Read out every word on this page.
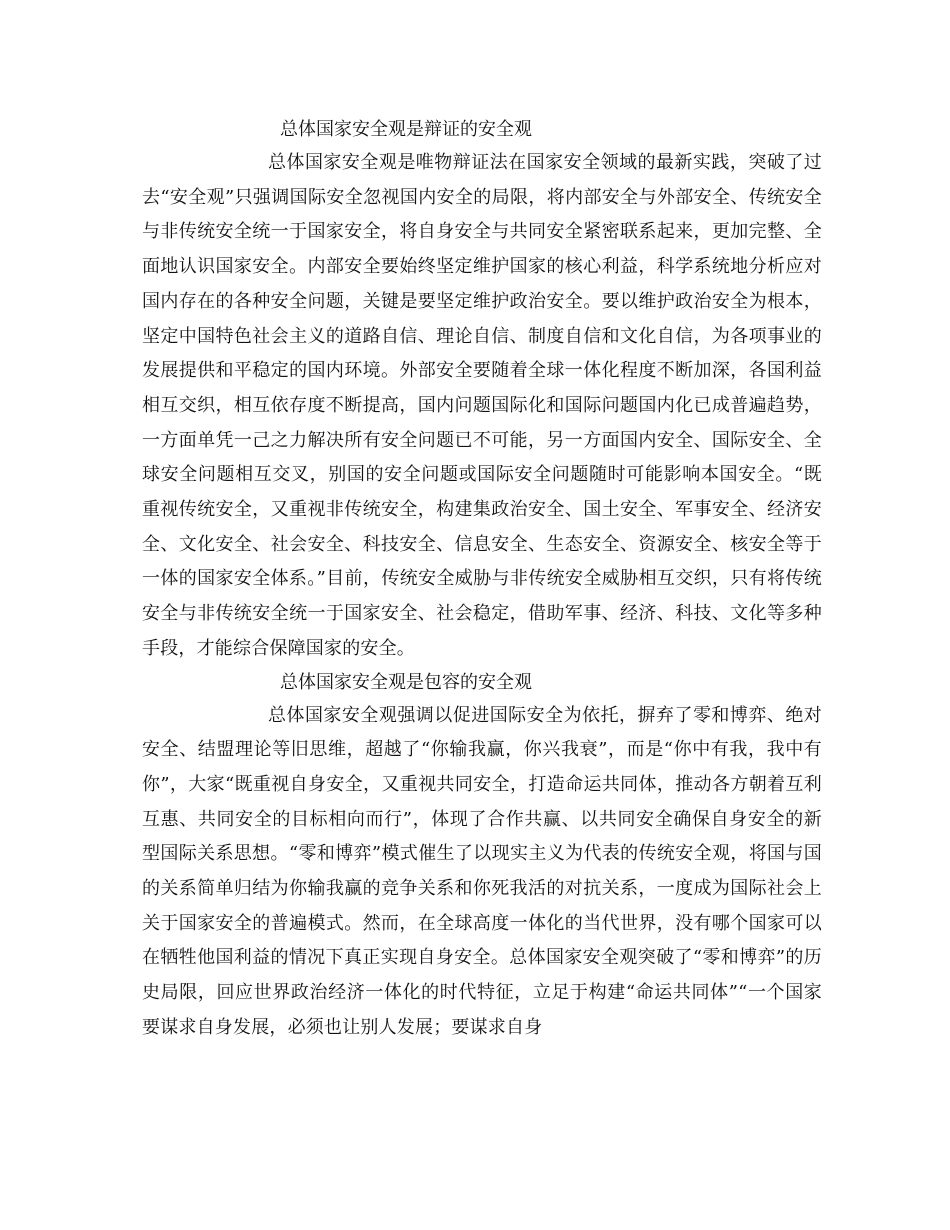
总体国家安全观是辩证的安全观

总体国家安全观是唯物辩证法在国家安全领域的最新实践，突破了过去“安全观”只强调国际安全忽视国内安全的局限，将内部安全与外部安全、传统安全与非传统安全统一于国家安全，将自身安全与共同安全紧密联系起来，更加完整、全面地认识国家安全。内部安全要始终坚定维护国家的核心利益，科学系统地分析应对国内存在的各种安全问题，关键是要坚定维护政治安全。要以维护政治安全为根本，坚定中国特色社会主义的道路自信、理论自信、制度自信和文化自信，为各项事业的发展提供和平稳定的国内环境。外部安全要随着全球一体化程度不断加深，各国利益相互交织，相互依存度不断提高，国内问题国际化和国际问题国内化已成普遍趋势，一方面单凭一己之力解决所有安全问题已不可能，另一方面国内安全、国际安全、全球安全问题相互交叉，别国的安全问题或国际安全问题随时可能影响本国安全。“既重视传统安全，又重视非传统安全，构建集政治安全、国土安全、军事安全、经济安全、文化安全、社会安全、科技安全、信息安全、生态安全、资源安全、核安全等于一体的国家安全体系。”目前，传统安全威胁与非传统安全威胁相互交织，只有将传统安全与非传统安全统一于国家安全、社会稳定，借助军事、经济、科技、文化等多种手段，才能综合保障国家的安全。

总体国家安全观是包容的安全观

总体国家安全观强调以促进国际安全为依托，摒弃了零和博弈、绝对安全、结盟理论等旧思维，超越了“你输我赢，你兴我衰”，而是“你中有我，我中有你”，大家“既重视自身安全，又重视共同安全，打造命运共同体，推动各方朝着互利互惠、共同安全的目标相向而行”，体现了合作共赢、以共同安全确保自身安全的新型国际关系思想。“零和博弈”模式催生了以现实主义为代表的传统安全观，将国与国的关系简单归结为你输我赢的竞争关系和你死我活的对抗关系，一度成为国际社会上关于国家安全的普遍模式。然而，在全球高度一体化的当代世界，没有哪个国家可以在牺牲他国利益的情况下真正实现自身安全。总体国家安全观突破了“零和博弈”的历史局限，回应世界政治经济一体化的时代特征，立足于构建“命运共同体”“一个国家要谋求自身发展，必须也让别人发展；要谋求自身
